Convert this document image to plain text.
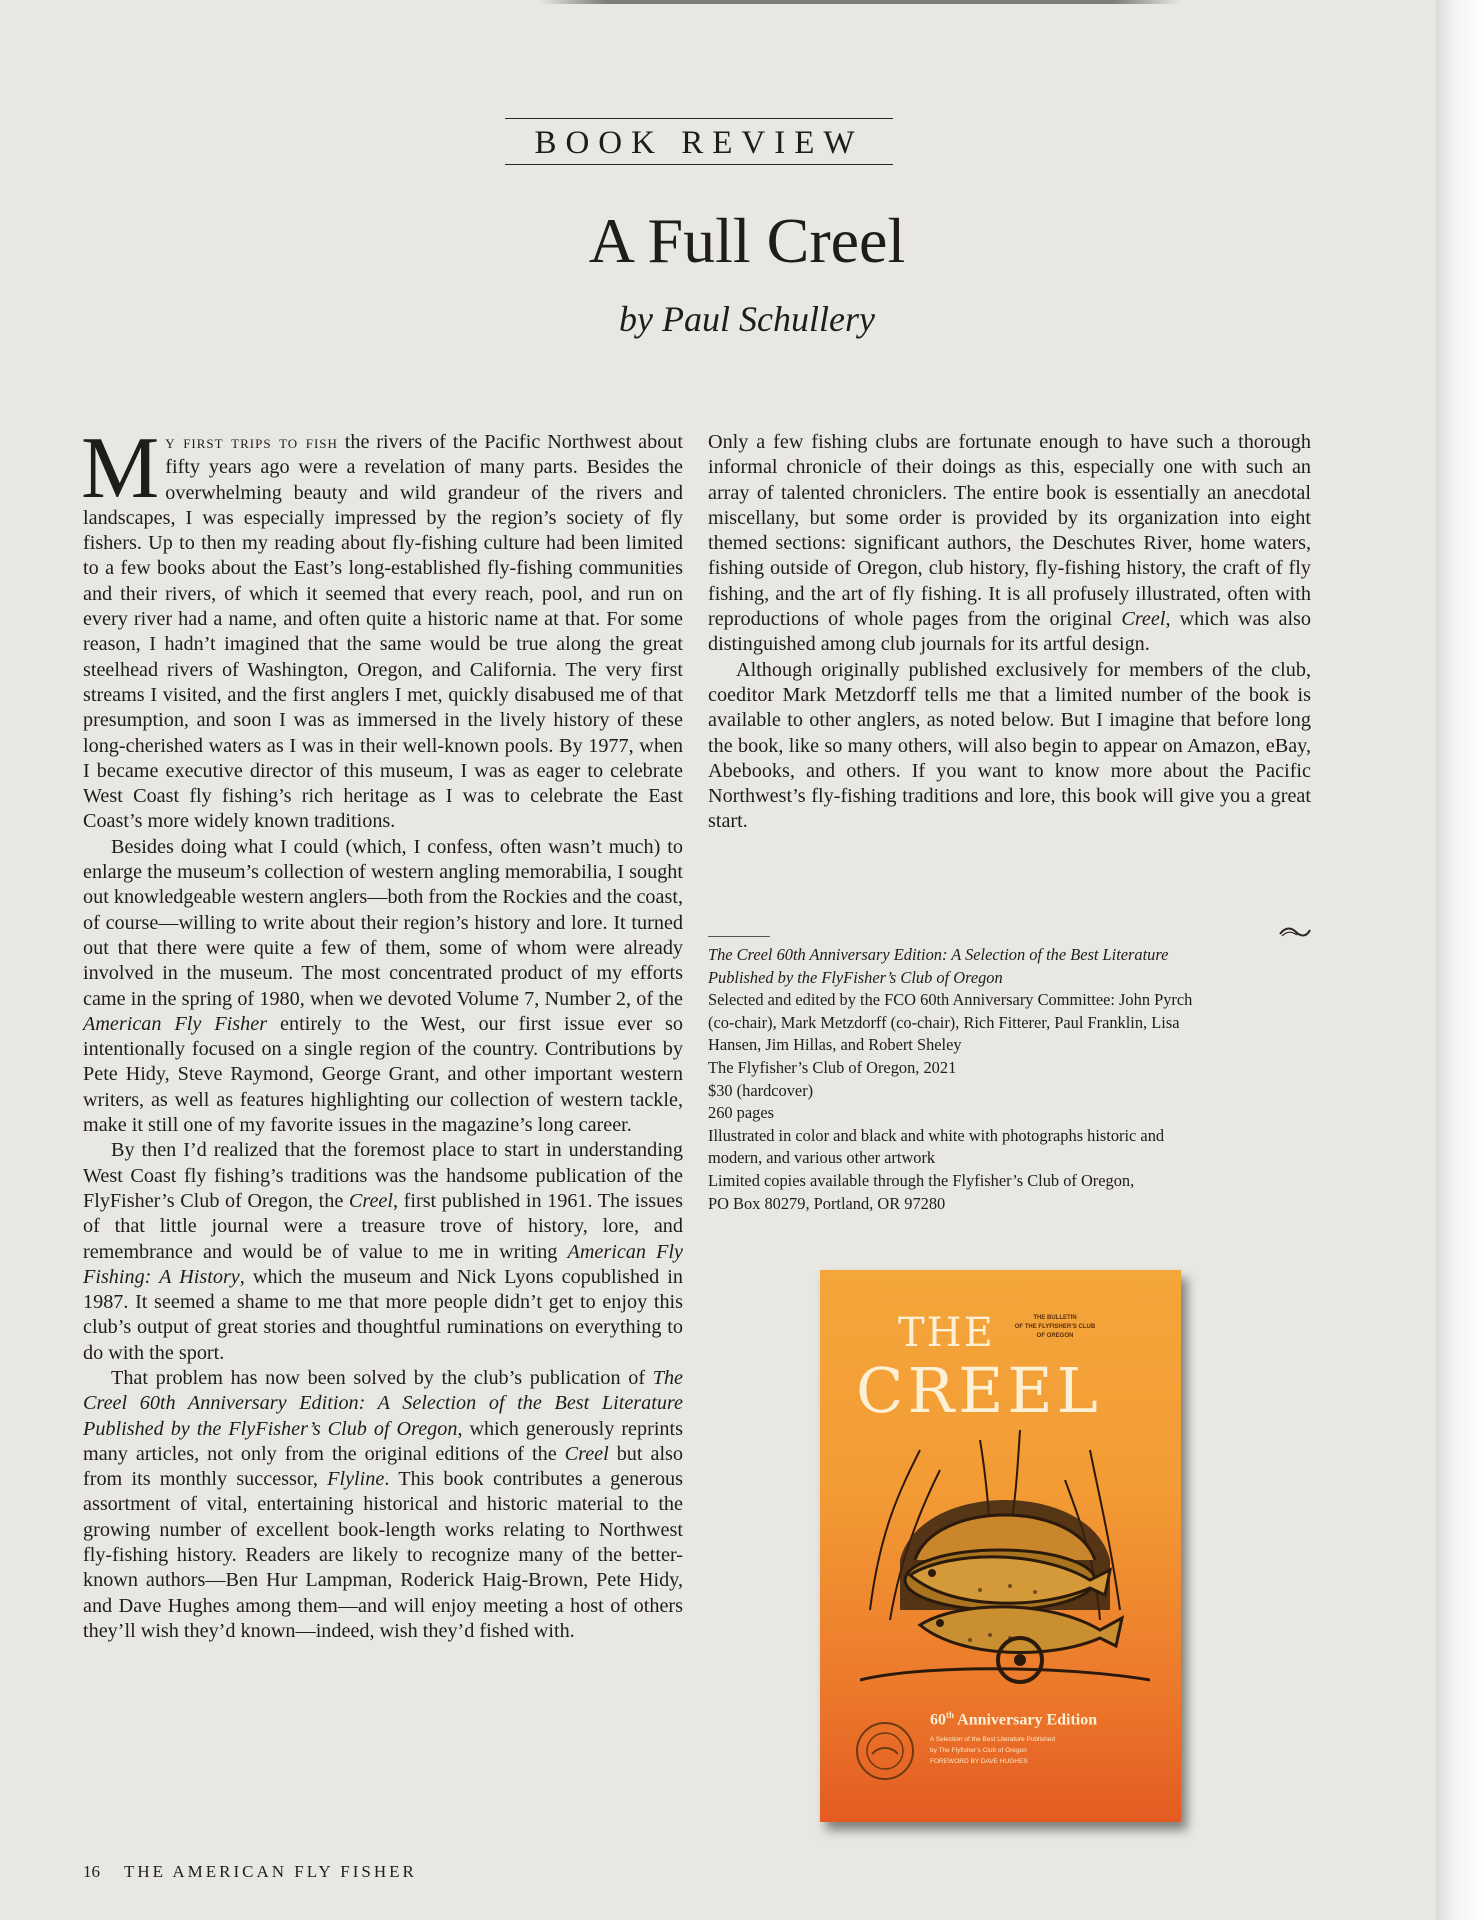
BOOK REVIEW
A Full Creel
by Paul Schullery

My first trips to fish the rivers of the Pacific Northwest about fifty years ago were a revelation of many parts. Besides the overwhelming beauty and wild grandeur of the rivers and landscapes, I was especially impressed by the region’s society of fly fishers. Up to then my reading about fly-fishing culture had been limited to a few books about the East’s long-established fly-fishing communities and their rivers, of which it seemed that every reach, pool, and run on every river had a name, and often quite a historic name at that. For some reason, I hadn’t imagined that the same would be true along the great steelhead rivers of Washington, Oregon, and California. The very first streams I visited, and the first anglers I met, quickly disabused me of that presumption, and soon I was as immersed in the lively history of these long-cherished waters as I was in their well-known pools. By 1977, when I became executive director of this museum, I was as eager to celebrate West Coast fly fishing’s rich heritage as I was to celebrate the East Coast’s more widely known traditions.

Besides doing what I could (which, I confess, often wasn’t much) to enlarge the museum’s collection of western angling memorabilia, I sought out knowledgeable western anglers—both from the Rockies and the coast, of course—willing to write about their region’s history and lore. It turned out that there were quite a few of them, some of whom were already involved in the museum. The most concentrated product of my efforts came in the spring of 1980, when we devoted Volume 7, Number 2, of the American Fly Fisher entirely to the West, our first issue ever so intentionally focused on a single region of the country. Contributions by Pete Hidy, Steve Raymond, George Grant, and other important western writers, as well as features highlighting our collection of western tackle, make it still one of my favorite issues in the magazine’s long career.

By then I’d realized that the foremost place to start in understanding West Coast fly fishing’s traditions was the handsome publication of the FlyFisher’s Club of Oregon, the Creel, first published in 1961. The issues of that little journal were a treasure trove of history, lore, and remembrance and would be of value to me in writing American Fly Fishing: A History, which the museum and Nick Lyons copublished in 1987. It seemed a shame to me that more people didn’t get to enjoy this club’s output of great stories and thoughtful ruminations on everything to do with the sport.

That problem has now been solved by the club’s publication of The Creel 60th Anniversary Edition: A Selection of the Best Literature Published by the FlyFisher’s Club of Oregon, which generously reprints many articles, not only from the original editions of the Creel but also from its monthly successor, Flyline. This book contributes a generous assortment of vital, entertaining historical and historic material to the growing number of excellent book-length works relating to Northwest fly-fishing history. Readers are likely to recognize many of the better-known authors—Ben Hur Lampman, Roderick Haig-Brown, Pete Hidy, and Dave Hughes among them—and will enjoy meeting a host of others they’ll wish they’d known—indeed, wish they’d fished with.

Only a few fishing clubs are fortunate enough to have such a thorough informal chronicle of their doings as this, especially one with such an array of talented chroniclers. The entire book is essentially an anecdotal miscellany, but some order is provided by its organization into eight themed sections: significant authors, the Deschutes River, home waters, fishing outside of Oregon, club history, fly-fishing history, the craft of fly fishing, and the art of fly fishing. It is all profusely illustrated, often with reproductions of whole pages from the original Creel, which was also distinguished among club journals for its artful design.

Although originally published exclusively for members of the club, coeditor Mark Metzdorff tells me that a limited number of the book is available to other anglers, as noted below. But I imagine that before long the book, like so many others, will also begin to appear on Amazon, eBay, Abebooks, and others. If you want to know more about the Pacific Northwest’s fly-fishing traditions and lore, this book will give you a great start.

The Creel 60th Anniversary Edition: A Selection of the Best Literature
Published by the FlyFisher’s Club of Oregon
Selected and edited by the FCO 60th Anniversary Committee: John Pyrch
(co-chair), Mark Metzdorff (co-chair), Rich Fitterer, Paul Franklin, Lisa
Hansen, Jim Hillas, and Robert Sheley
The Flyfisher’s Club of Oregon, 2021
$30 (hardcover)
260 pages
Illustrated in color and black and white with photographs historic and
modern, and various other artwork
Limited copies available through the Flyfisher’s Club of Oregon,
PO Box 80279, Portland, OR 97280
THE	THE BULLETIN
OF THE FLYFISHER’S CLUB
OF OREGON
CREEL
60th Anniversary Edition
A Selection of the Best Literature Published
by The Flyfisher’s Club of Oregon
FOREWORD BY DAVE HUGHES
16 THE AMERICAN FLY FISHER
